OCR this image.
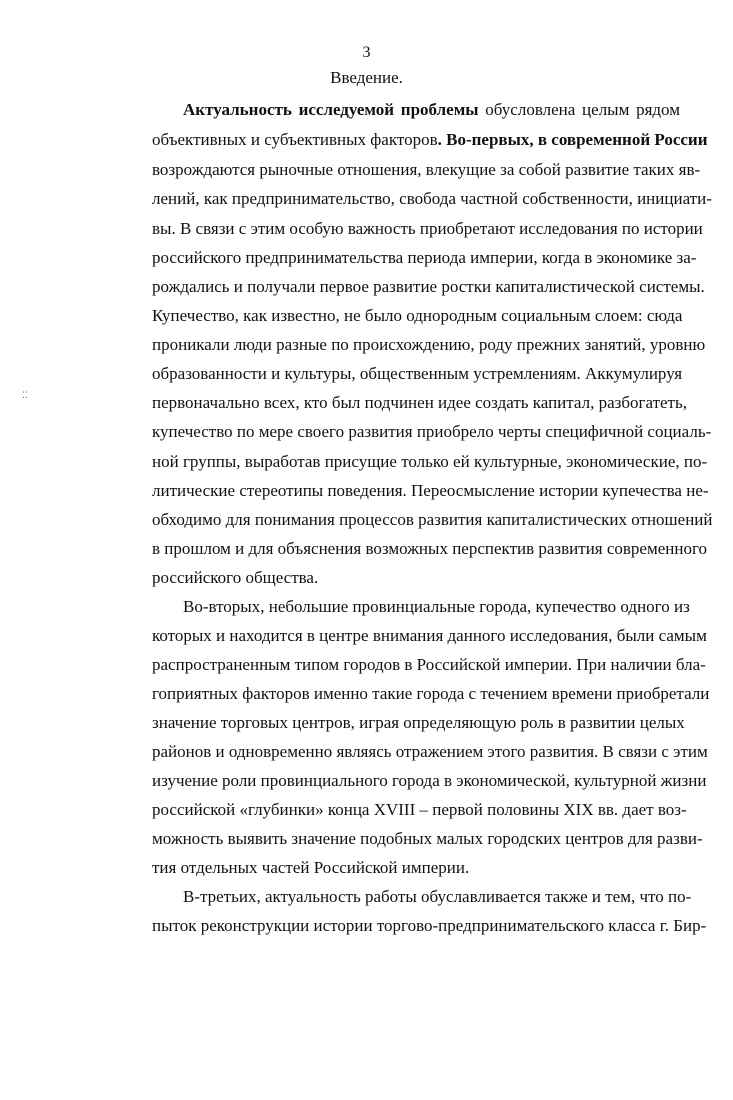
3
Введение.
⁚⁚
Актуальность исследуемой проблемы обусловлена целым рядом
объективных и субъективных факторов. Во-первых, в современной России
возрождаются рыночные отношения, влекущие за собой развитие таких яв-
лений, как предпринимательство, свобода частной собственности, инициати-
вы. В связи с этим особую важность приобретают исследования по истории
российского предпринимательства периода империи, когда в экономике за-
рождались и получали первое развитие ростки капиталистической системы.
Купечество, как известно, не было однородным социальным слоем: сюда
проникали люди разные по происхождению, роду прежних занятий, уровню
образованности и культуры, общественным устремлениям. Аккумулируя
первоначально всех, кто был подчинен идее создать капитал, разбогатеть,
купечество по мере своего развития приобрело черты специфичной социаль-
ной группы, выработав присущие только ей культурные, экономические, по-
литические стереотипы поведения. Переосмысление истории купечества не-
обходимо для понимания процессов развития капиталистических отношений
в прошлом и для объяснения возможных перспектив развития современного
российского общества.
Во-вторых, небольшие провинциальные города, купечество одного из
которых и находится в центре внимания данного исследования, были самым
распространенным типом городов в Российской империи. При наличии бла-
гоприятных факторов именно такие города с течением времени приобретали
значение торговых центров, играя определяющую роль в развитии целых
районов и одновременно являясь отражением этого развития. В связи с этим
изучение роли провинциального города в экономической, культурной жизни
российской «глубинки» конца XVIII – первой половины XIX вв. дает воз-
можность выявить значение подобных малых городских центров для разви-
тия отдельных частей Российской империи.
В-третьих, актуальность работы обуславливается также и тем, что по-
пыток реконструкции истории торгово-предпринимательского класса г. Бир-
